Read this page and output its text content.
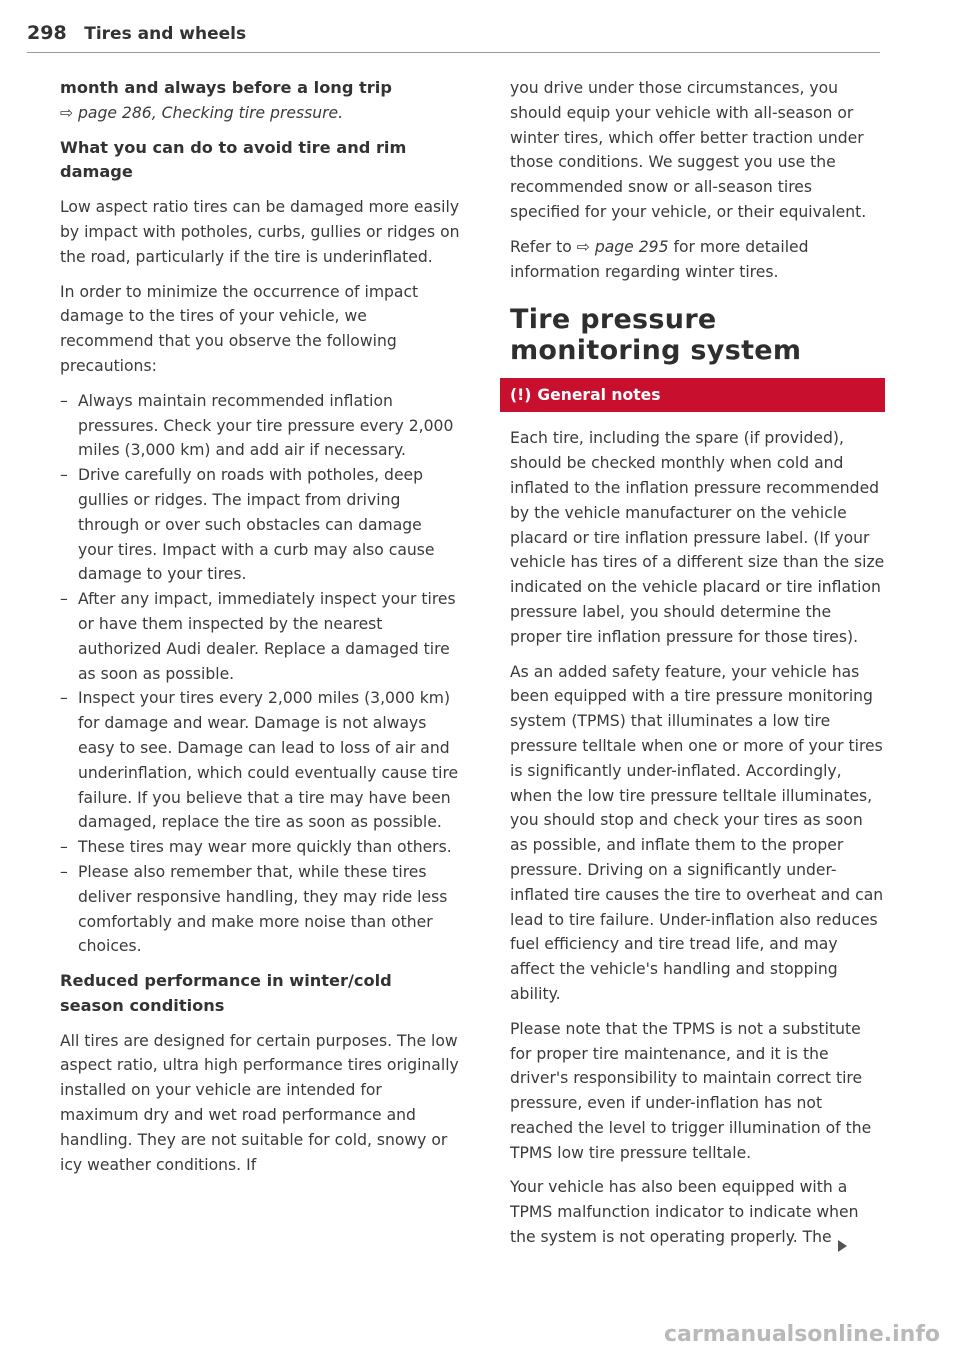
298 Tires and wheels
month and always before a long trip

⇨ page 286, Checking tire pressure.

What you can do to avoid tire and rim damage

Low aspect ratio tires can be damaged more easily by impact with potholes, curbs, gullies or ridges on the road, particularly if the tire is underinflated.

In order to minimize the occurrence of impact damage to the tires of your vehicle, we recommend that you observe the following precautions:

– Always maintain recommended inflation pressures. Check your tire pressure every 2,000 miles (3,000 km) and add air if necessary.
– Drive carefully on roads with potholes, deep gullies or ridges. The impact from driving through or over such obstacles can damage your tires. Impact with a curb may also cause damage to your tires.
– After any impact, immediately inspect your tires or have them inspected by the nearest authorized Audi dealer. Replace a damaged tire as soon as possible.
– Inspect your tires every 2,000 miles (3,000 km) for damage and wear. Damage is not always easy to see. Damage can lead to loss of air and underinflation, which could eventually cause tire failure. If you believe that a tire may have been damaged, replace the tire as soon as possible.
– These tires may wear more quickly than others.
– Please also remember that, while these tires deliver responsive handling, they may ride less comfortably and make more noise than other choices.
Reduced performance in winter/cold season conditions

All tires are designed for certain purposes. The low aspect ratio, ultra high performance tires originally installed on your vehicle are intended for maximum dry and wet road performance and handling. They are not suitable for cold, snowy or icy weather conditions. If

you drive under those circumstances, you should equip your vehicle with all-season or winter tires, which offer better traction under those conditions. We suggest you use the recommended snow or all-season tires specified for your vehicle, or their equivalent.

Refer to ⇨ page 295 for more detailed information regarding winter tires.

Tire pressure monitoring system
(!) General notes

Each tire, including the spare (if provided), should be checked monthly when cold and inflated to the inflation pressure recommended by the vehicle manufacturer on the vehicle placard or tire inflation pressure label. (If your vehicle has tires of a different size than the size indicated on the vehicle placard or tire inflation pressure label, you should determine the proper tire inflation pressure for those tires).

As an added safety feature, your vehicle has been equipped with a tire pressure monitoring system (TPMS) that illuminates a low tire pressure telltale when one or more of your tires is significantly under-inflated. Accordingly, when the low tire pressure telltale illuminates, you should stop and check your tires as soon as possible, and inflate them to the proper pressure. Driving on a significantly under-inflated tire causes the tire to overheat and can lead to tire failure. Under-inflation also reduces fuel efficiency and tire tread life, and may affect the vehicle's handling and stopping ability.

Please note that the TPMS is not a substitute for proper tire maintenance, and it is the driver's responsibility to maintain correct tire pressure, even if under-inflation has not reached the level to trigger illumination of the TPMS low tire pressure telltale.

Your vehicle has also been equipped with a TPMS malfunction indicator to indicate when the system is not operating properly. The

carmanualsonline.info
